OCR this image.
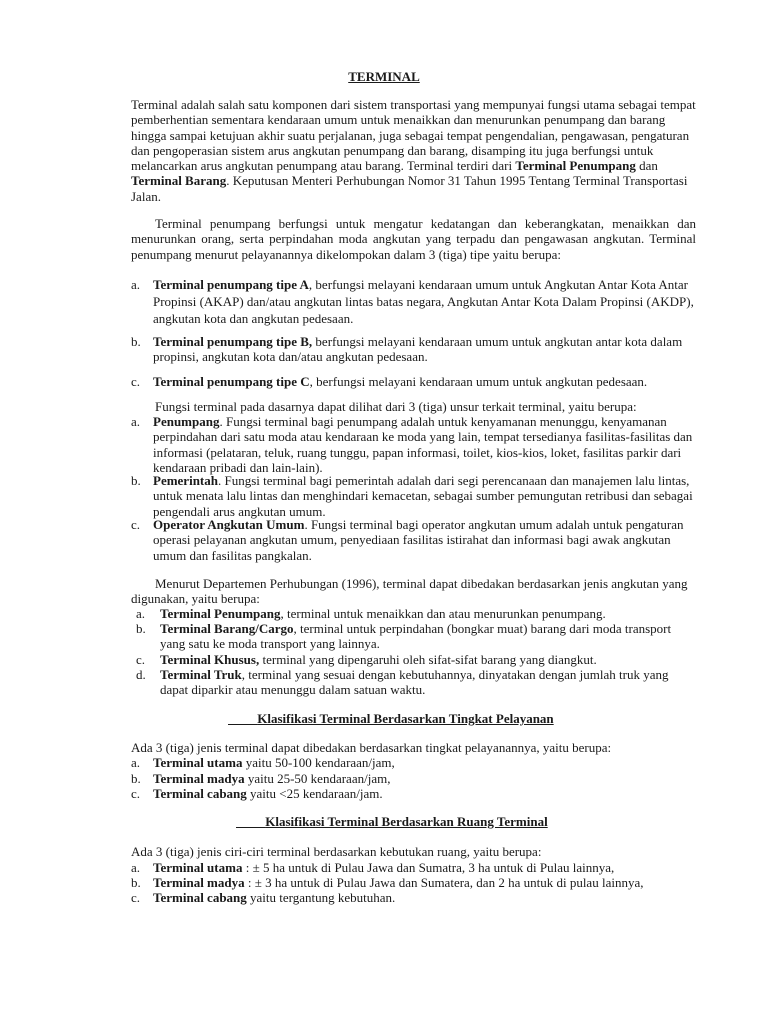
TERMINAL
Terminal adalah salah satu komponen dari sistem transportasi yang mempunyai fungsi utama sebagai tempat pemberhentian sementara kendaraan umum untuk menaikkan dan menurunkan penumpang dan barang hingga sampai ketujuan akhir suatu perjalanan, juga sebagai tempat pengendalian, pengawasan, pengaturan dan pengoperasian sistem arus angkutan penumpang dan barang, disamping itu juga berfungsi untuk melancarkan arus angkutan penumpang atau barang. Terminal terdiri dari Terminal Penumpang dan Terminal Barang. Keputusan Menteri Perhubungan Nomor 31 Tahun 1995 Tentang Terminal Transportasi Jalan.
Terminal penumpang berfungsi untuk mengatur kedatangan dan keberangkatan, menaikkan dan menurunkan orang, serta perpindahan moda angkutan yang terpadu dan pengawasan angkutan. Terminal penumpang menurut pelayanannya dikelompokan dalam 3 (tiga) tipe yaitu berupa:
a. Terminal penumpang tipe A, berfungsi melayani kendaraan umum untuk Angkutan Antar Kota Antar Propinsi (AKAP) dan/atau angkutan lintas batas negara, Angkutan Antar Kota Dalam Propinsi (AKDP), angkutan kota dan angkutan pedesaan.
b. Terminal penumpang tipe B, berfungsi melayani kendaraan umum untuk angkutan antar kota dalam propinsi, angkutan kota dan/atau angkutan pedesaan.
c. Terminal penumpang tipe C, berfungsi melayani kendaraan umum untuk angkutan pedesaan.
Fungsi terminal pada dasarnya dapat dilihat dari 3 (tiga) unsur terkait terminal, yaitu berupa:
a. Penumpang. Fungsi terminal bagi penumpang adalah untuk kenyamanan menunggu, kenyamanan perpindahan dari satu moda atau kendaraan ke moda yang lain, tempat tersedianya fasilitas-fasilitas dan informasi (pelataran, teluk, ruang tunggu, papan informasi, toilet, kios-kios, loket, fasilitas parkir dari kendaraan pribadi dan lain-lain).
b. Pemerintah. Fungsi terminal bagi pemerintah adalah dari segi perencanaan dan manajemen lalu lintas, untuk menata lalu lintas dan menghindari kemacetan, sebagai sumber pemungutan retribusi dan sebagai pengendali arus angkutan umum.
c. Operator Angkutan Umum. Fungsi terminal bagi operator angkutan umum adalah untuk pengaturan operasi pelayanan angkutan umum, penyediaan fasilitas istirahat dan informasi bagi awak angkutan umum dan fasilitas pangkalan.
Menurut Departemen Perhubungan (1996), terminal dapat dibedakan berdasarkan jenis angkutan yang digunakan, yaitu berupa:
a. Terminal Penumpang, terminal untuk menaikkan dan atau menurunkan penumpang.
b. Terminal Barang/Cargo, terminal untuk perpindahan (bongkar muat) barang dari moda transport yang satu ke moda transport yang lainnya.
c. Terminal Khusus, terminal yang dipengaruhi oleh sifat-sifat barang yang diangkut.
d. Terminal Truk, terminal yang sesuai dengan kebutuhannya, dinyatakan dengan jumlah truk yang dapat diparkir atau menunggu dalam satuan waktu.
Klasifikasi Terminal Berdasarkan Tingkat Pelayanan
Ada 3 (tiga) jenis terminal dapat dibedakan berdasarkan tingkat pelayanannya, yaitu berupa:
a. Terminal utama yaitu 50-100 kendaraan/jam,
b. Terminal madya yaitu 25-50 kendaraan/jam,
c. Terminal cabang yaitu <25 kendaraan/jam.
Klasifikasi Terminal Berdasarkan Ruang Terminal
Ada 3 (tiga) jenis ciri-ciri terminal berdasarkan kebutukan ruang, yaitu berupa:
a. Terminal utama : ± 5 ha untuk di Pulau Jawa dan Sumatra, 3 ha untuk di Pulau lainnya,
b. Terminal madya : ± 3 ha untuk di Pulau Jawa dan Sumatera, dan 2 ha untuk di pulau lainnya,
c. Terminal cabang yaitu tergantung kebutuhan.
